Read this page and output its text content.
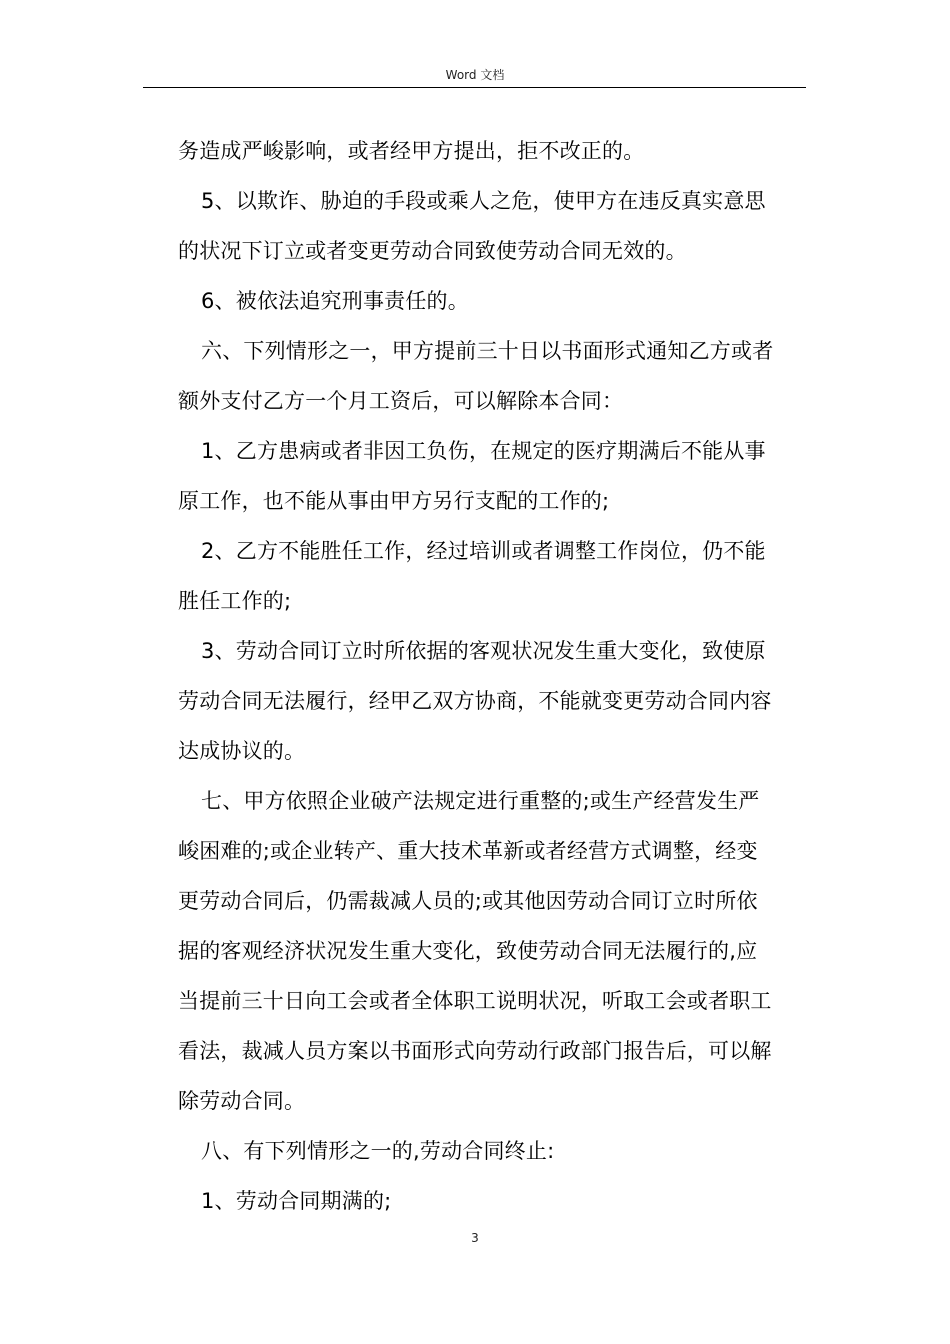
Word 文档
务造成严峻影响，或者经甲方提出，拒不改正的。
5、以欺诈、胁迫的手段或乘人之危，使甲方在违反真实意思
的状况下订立或者变更劳动合同致使劳动合同无效的。
6、被依法追究刑事责任的。
六、下列情形之一，甲方提前三十日以书面形式通知乙方或者
额外支付乙方一个月工资后，可以解除本合同：
1、乙方患病或者非因工负伤，在规定的医疗期满后不能从事
原工作，也不能从事由甲方另行支配的工作的;
2、乙方不能胜任工作，经过培训或者调整工作岗位，仍不能
胜任工作的;
3、劳动合同订立时所依据的客观状况发生重大变化，致使原
劳动合同无法履行，经甲乙双方协商，不能就变更劳动合同内容
达成协议的。
七、甲方依照企业破产法规定进行重整的;或生产经营发生严
峻困难的;或企业转产、重大技术革新或者经营方式调整，经变
更劳动合同后，仍需裁减人员的;或其他因劳动合同订立时所依
据的客观经济状况发生重大变化，致使劳动合同无法履行的,应
当提前三十日向工会或者全体职工说明状况，听取工会或者职工
看法，裁减人员方案以书面形式向劳动行政部门报告后，可以解
除劳动合同。
八、有下列情形之一的,劳动合同终止:
1、劳动合同期满的;
3
